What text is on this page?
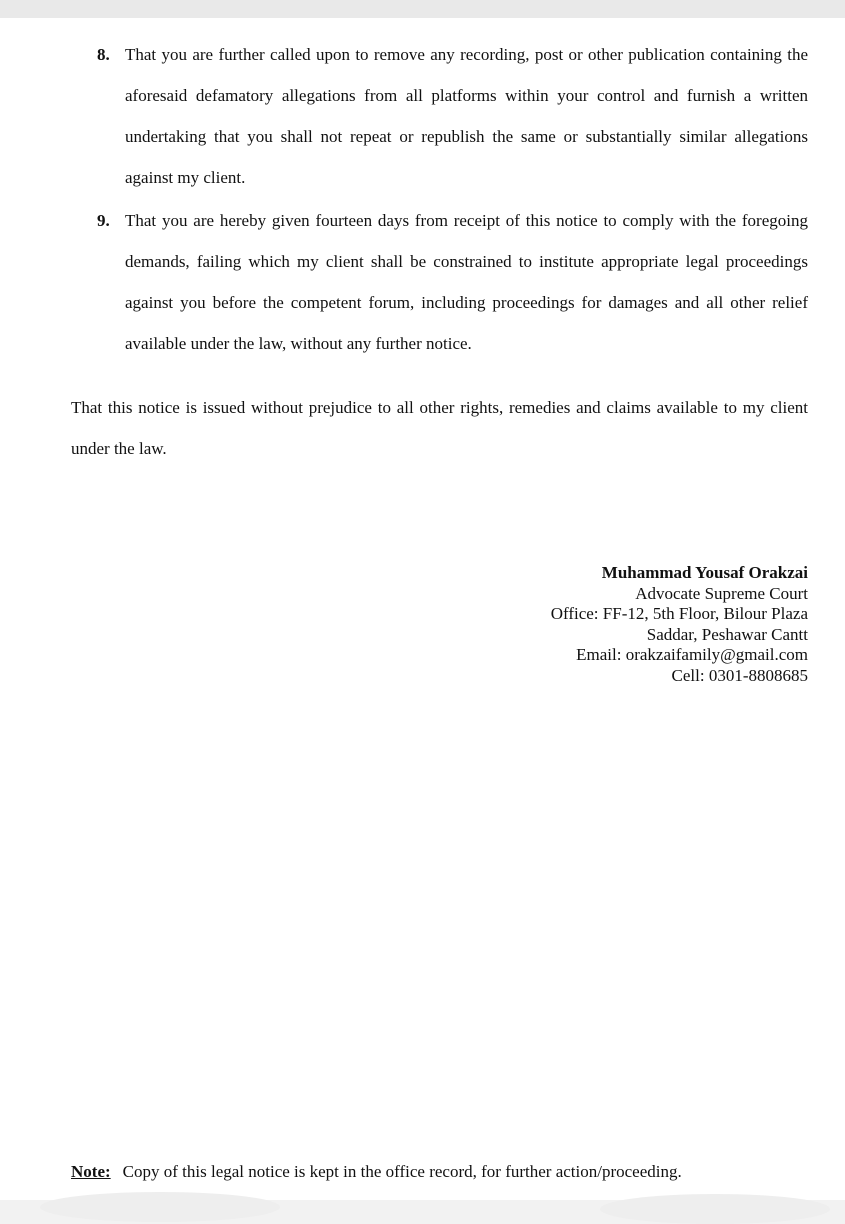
8. That you are further called upon to remove any recording, post or other publication containing the aforesaid defamatory allegations from all platforms within your control and furnish a written undertaking that you shall not repeat or republish the same or substantially similar allegations against my client.
9. That you are hereby given fourteen days from receipt of this notice to comply with the foregoing demands, failing which my client shall be constrained to institute appropriate legal proceedings against you before the competent forum, including proceedings for damages and all other relief available under the law, without any further notice.
That this notice is issued without prejudice to all other rights, remedies and claims available to my client under the law.
Muhammad Yousaf Orakzai
Advocate Supreme Court
Office: FF-12, 5th Floor, Bilour Plaza
Saddar, Peshawar Cantt
Email: orakzaifamily@gmail.com
Cell: 0301-8808685
Note: Copy of this legal notice is kept in the office record, for further action/proceeding.
